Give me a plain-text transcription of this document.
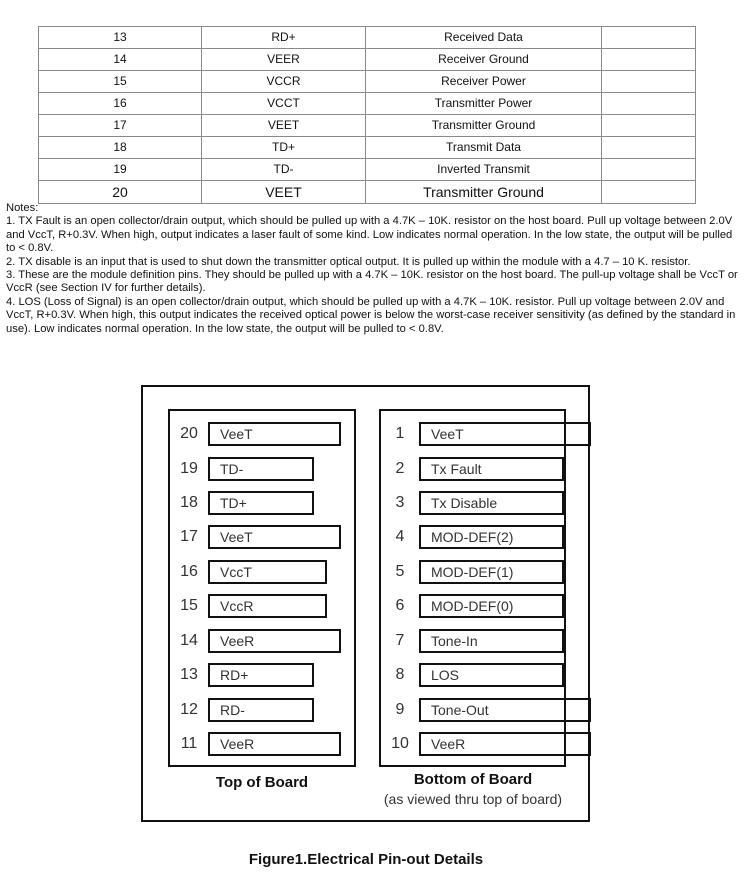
13	RD+	Received Data	
14	VEER	Receiver Ground	
15	VCCR	Receiver Power	
16	VCCT	Transmitter Power	
17	VEET	Transmitter Ground	
18	TD+	Transmit Data	
19	TD-	Inverted Transmit	
20	VEET	Transmitter Ground	

Notes:

1. TX Fault is an open collector/drain output, which should be pulled up with a 4.7K – 10K. resistor on the host board. Pull up voltage between 2.0V and VccT, R+0.3V. When high, output indicates a laser fault of some kind. Low indicates normal operation. In the low state, the output will be pulled to < 0.8V.

2. TX disable is an input that is used to shut down the transmitter optical output. It is pulled up within the module with a 4.7 – 10 K. resistor.

3. These are the module definition pins. They should be pulled up with a 4.7K – 10K. resistor on the host board. The pull-up voltage shall be VccT or VccR (see Section IV for further details).

4. LOS (Loss of Signal) is an open collector/drain output, which should be pulled up with a 4.7K – 10K. resistor. Pull up voltage between 2.0V and VccT, R+0.3V. When high, this output indicates the received optical power is below the worst-case receiver sensitivity (as defined by the standard in use). Low indicates normal operation. In the low state, the output will be pulled to < 0.8V.

20	VeeT
19	TD-
18	TD+
17	VeeT
16	VccT
15	VccR
14	VeeR
13	RD+
12	RD-
11	VeeR
1	VeeT
2	Tx Fault
3	Tx Disable
4	MOD-DEF(2)
5	MOD-DEF(1)
6	MOD-DEF(0)
7	Tone-In
8	LOS
9	Tone-Out
10	VeeR
Top of Board	Bottom of Board
(as viewed thru top of board)
Figure1.Electrical Pin-out Details
